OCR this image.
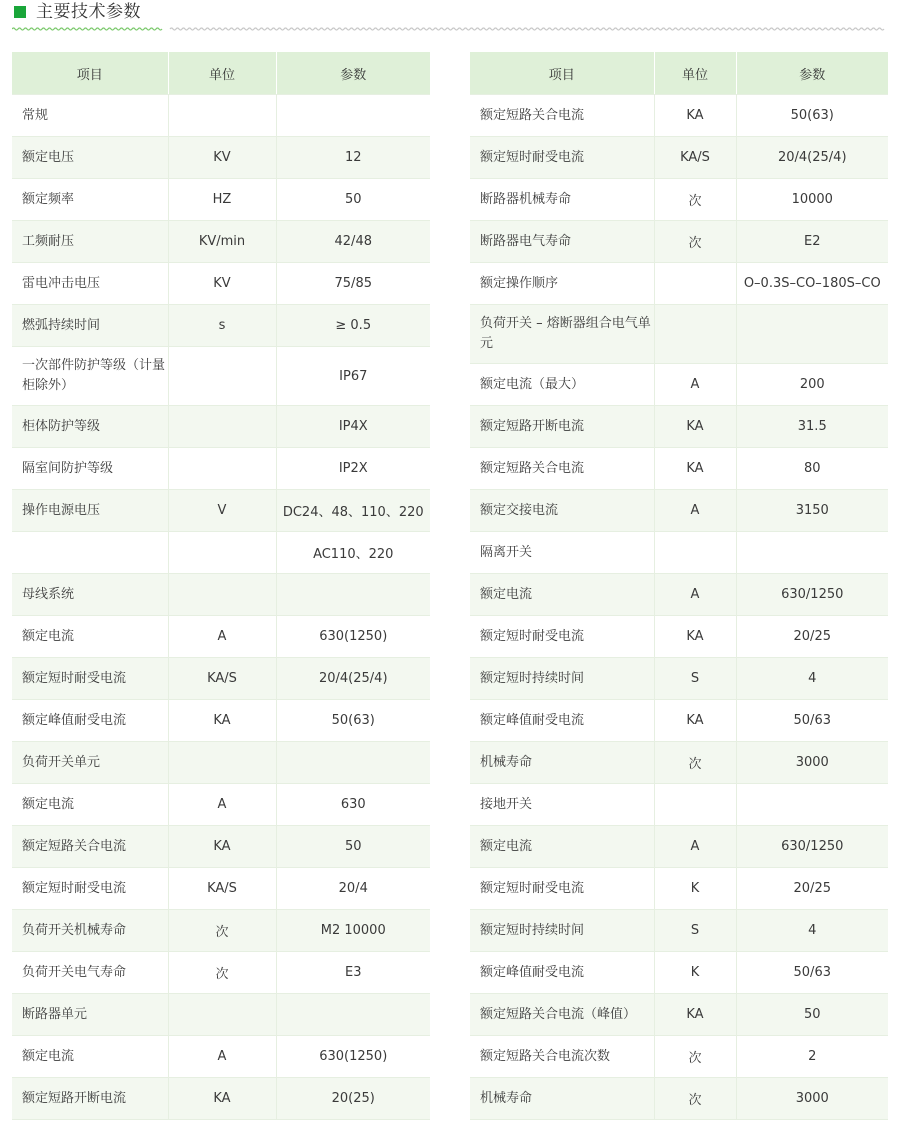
主要技术参数
项目	单位	参数
常规		
额定电压	KV	12
额定频率	HZ	50
工频耐压	KV/min	42/48
雷电冲击电压	KV	75/85
燃弧持续时间	s	≥ 0.5
一次部件防护等级（计量柜除外）		IP67
柜体防护等级		IP4X
隔室间防护等级		IP2X
操作电源电压	V	DC24、48、110、220
		AC110、220
母线系统		
额定电流	A	630(1250)
额定短时耐受电流	KA/S	20/4(25/4)
额定峰值耐受电流	KA	50(63)
负荷开关单元		
额定电流	A	630
额定短路关合电流	KA	50
额定短时耐受电流	KA/S	20/4
负荷开关机械寿命	次	M2 10000
负荷开关电气寿命	次	E3
断路器单元		
额定电流	A	630(1250)
额定短路开断电流	KA	20(25)
项目	单位	参数
额定短路关合电流	KA	50(63)
额定短时耐受电流	KA/S	20/4(25/4)
断路器机械寿命	次	10000
断路器电气寿命	次	E2
额定操作顺序		O–0.3S–CO–180S–CO
负荷开关 – 熔断器组合电气单元		
额定电流（最大）	A	200
额定短路开断电流	KA	31.5
额定短路关合电流	KA	80
额定交接电流	A	3150
隔离开关		
额定电流	A	630/1250
额定短时耐受电流	KA	20/25
额定短时持续时间	S	4
额定峰值耐受电流	KA	50/63
机械寿命	次	3000
接地开关		
额定电流	A	630/1250
额定短时耐受电流	K	20/25
额定短时持续时间	S	4
额定峰值耐受电流	K	50/63
额定短路关合电流（峰值）	KA	50
额定短路关合电流次数	次	2
机械寿命	次	3000
